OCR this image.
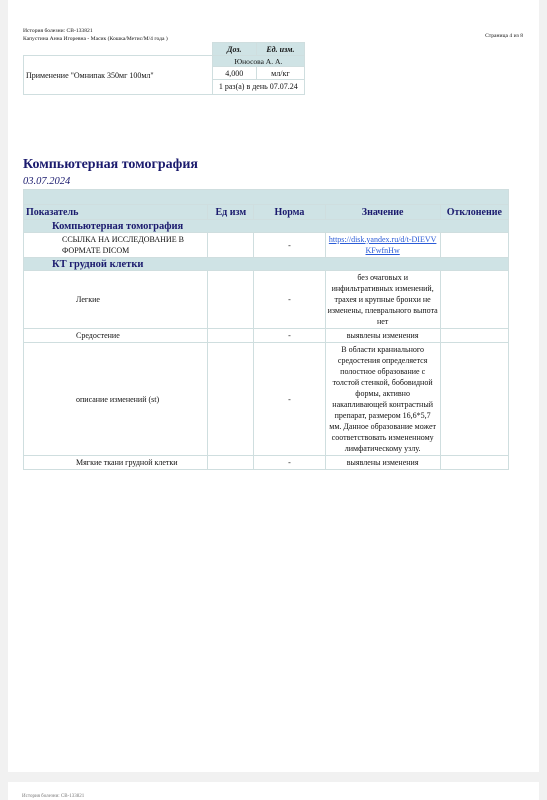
История болезни: СВ-133821
Капустина Анна Игоревна - Масик (Кошка/Метис/М/4 года )	Страница 4 из 8
	Доз.	Ед. изм.
Применение "Омнипак 350мг 100мл"	Юносова А. А.	
	4,000	мл/кг
	1 раз(а) в день 07.07.24	
Компьютерная томография
03.07.2024

Показатель	Ед изм	Норма	Значение	Отклонение
Компьютерная томография				
ССЫЛКА НА ИССЛЕДОВАНИЕ В ФОРМАТЕ DICOM		-	https://disk.yandex.ru/d/t-DIEVVKFwfnHw	
КТ грудной клетки				
Легкие		-	без очаговых и инфильтративных изменений, трахея и крупные бронхи не изменены, плеврального выпота нет	
Средостение		-	выявлены изменения	
описание изменений (st)		-	В области краниального средостения определяется полостное образование с толстой стенкой, бобовидной формы, активно накапливающей контрастный препарат, размером 16,6*5,7 мм. Данное образование может соответствовать измененному лимфатическому узлу.	
Мягкие ткани грудной клетки		-	выявлены изменения	
История болезни: СВ-133821
